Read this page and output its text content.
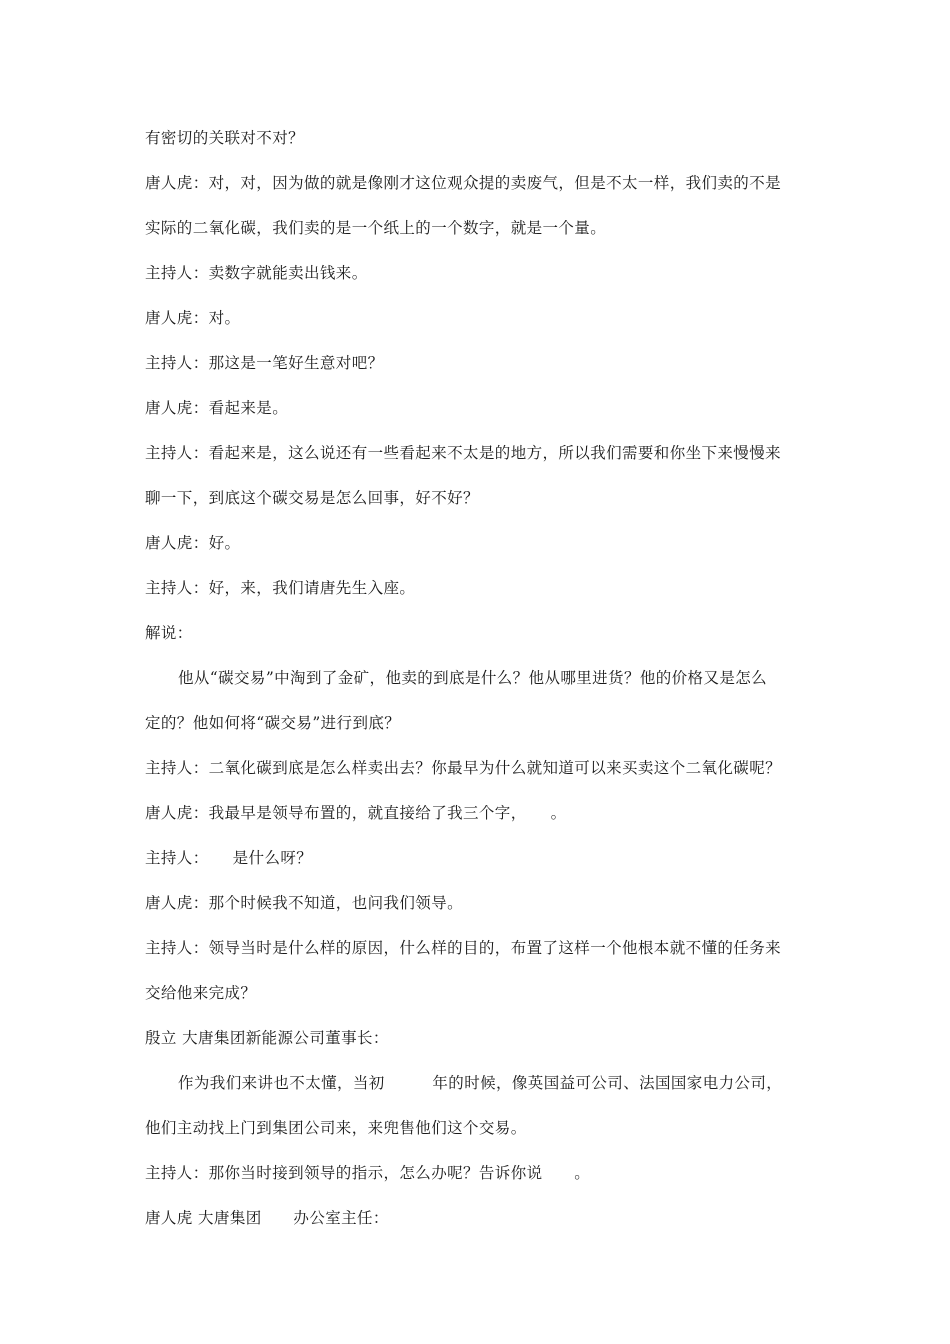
有密切的关联对不对？
唐人虎：对，对，因为做的就是像刚才这位观众提的卖废气，但是不太一样，我们卖的不是
实际的二氧化碳，我们卖的是一个纸上的一个数字，就是一个量。
主持人：卖数字就能卖出钱来。
唐人虎：对。
主持人：那这是一笔好生意对吧？
唐人虎：看起来是。
主持人：看起来是，这么说还有一些看起来不太是的地方，所以我们需要和你坐下来慢慢来
聊一下，到底这个碳交易是怎么回事，好不好？
唐人虎：好。
主持人：好，来，我们请唐先生入座。
解说：
他从“碳交易”中淘到了金矿，他卖的到底是什么？他从哪里进货？他的价格又是怎么
定的？他如何将“碳交易”进行到底？
主持人：二氧化碳到底是怎么样卖出去？你最早为什么就知道可以来买卖这个二氧化碳呢？
唐人虎：我最早是领导布置的，就直接给了我三个字，　　。
主持人：　　是什么呀？
唐人虎：那个时候我不知道，也问我们领导。
主持人：领导当时是什么样的原因，什么样的目的，布置了这样一个他根本就不懂的任务来
交给他来完成？
殷立 大唐集团新能源公司董事长：
作为我们来讲也不太懂，当初　　　年的时候，像英国益可公司、法国国家电力公司，
他们主动找上门到集团公司来，来兜售他们这个交易。
主持人：那你当时接到领导的指示，怎么办呢？告诉你说　　。
唐人虎 大唐集团　　办公室主任：
